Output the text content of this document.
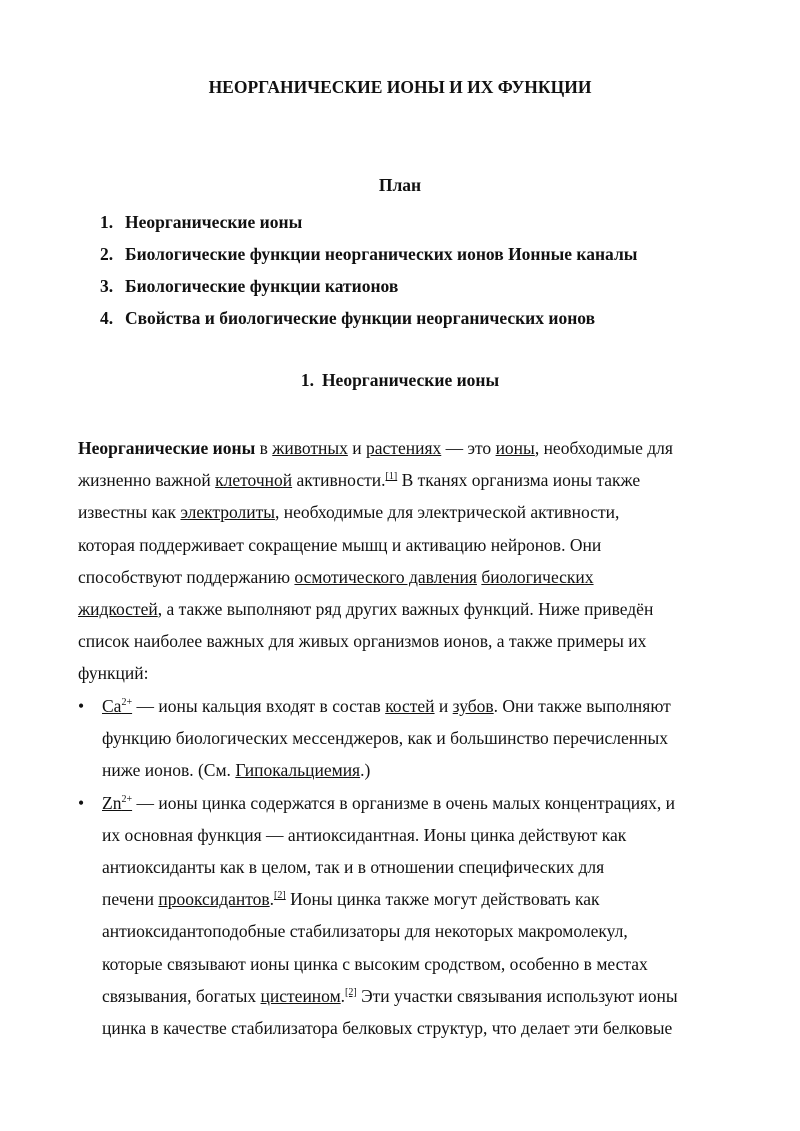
НЕОРГАНИЧЕСКИЕ ИОНЫ И ИХ ФУНКЦИИ
План
1. Неорганические ионы
2. Биологические функции неорганических ионов Ионные каналы
3. Биологические функции катионов
4. Свойства и биологические функции неорганических ионов
1. Неорганические ионы
Неорганические ионы в животных и растениях — это ионы, необходимые для
жизненно важной клеточной активности.[1] В тканях организма ионы также
известны как электролиты, необходимые для электрической активности,
которая поддерживает сокращение мышц и активацию нейронов. Они
способствуют поддержанию осмотического давления биологических
жидкостей, а также выполняют ряд других важных функций. Ниже приведён
список наиболее важных для живых организмов ионов, а также примеры их
функций:
•	$Ca^{2+}$ — ионы кальция входят в состав костей и зубов. Они также выполняют
функцию биологических мессенджеров, как и большинство перечисленных
ниже ионов. (См. Гипокальциемия.)
•	$Zn^{2+}$ — ионы цинка содержатся в организме в очень малых концентрациях, и
их основная функция — антиоксидантная. Ионы цинка действуют как
антиоксиданты как в целом, так и в отношении специфических для
печени прооксидантов.[2] Ионы цинка также могут действовать как
антиоксидантоподобные стабилизаторы для некоторых макромолекул,
которые связывают ионы цинка с высоким сродством, особенно в местах
связывания, богатых цистеином.[2] Эти участки связывания используют ионы
цинка в качестве стабилизатора белковых структур, что делает эти белковые
